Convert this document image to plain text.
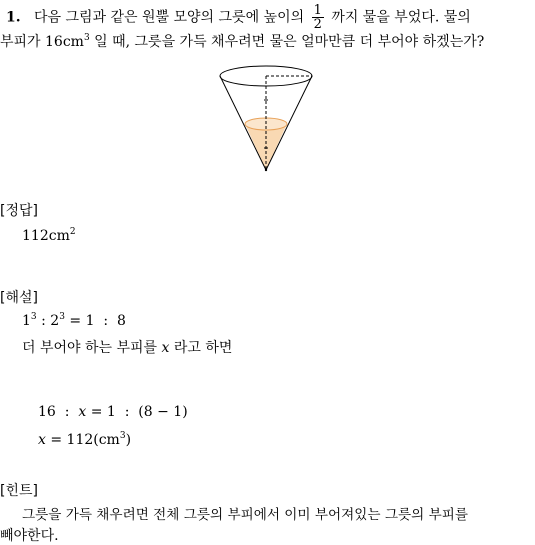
1. 다음 그림과 같은 원뿔 모양의 그릇에 높이의 $\frac{1}{2}$ 까지 물을 부었다. 물의
부피가 $16cm^3$ 일 때, 그릇을 가득 채우려면 물은 얼마만큼 더 부어야 하겠는가?
[정답]
$112cm^2$
[해설]
$1^3$ : $2^3 = 1$  :  8
더 부어야 하는 부피를 x 라고 하면
16  :  x = 1  :  (8 − 1)
$x = 112(cm^3)$
[힌트]
그릇을 가득 채우려면 전체 그릇의 부피에서 이미 부어져있는 그릇의 부피를
빼야한다.
